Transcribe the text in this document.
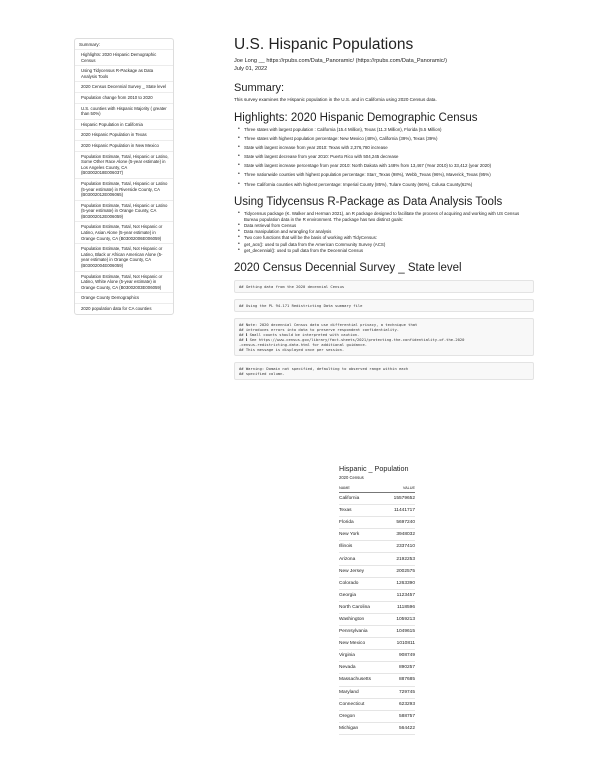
Summary:
Highlights: 2020 Hispanic Demographic Census
Using Tidycensus R-Package as Data Analysis Tools
2020 Census Decennial Survey _ State level
Population change from 2010 to 2020
U.S. counties with Hispanic Majority ( greater than 50%)
Hispanic Population in California
2020 Hispanic Population in Texas
2020 Hispanic Population in New Mexico
Population Estimate, Total, Hispanic or Latino, Some Other Race Alone (5-year estimate) in Los Angeles County, CA (B03002018E006037)
Population Estimate, Total, Hispanic or Latino (5-year estimate) in Riverside County, CA (B03002012E006065)
Population Estimate, Total, Hispanic or Latino (5-year estimate) in Orange County, CA (B03002012E006059)
Population Estimate, Total, Not Hispanic or Latino, Asian Alone (5-year estimate) in Orange County, CA (B03002006E006059)
Population Estimate, Total, Not Hispanic or Latino, Black or African American Alone (5-year estimate) in Orange County, CA (B03002004E006059)
Population Estimate, Total, Not Hispanic or Latino, White Alone (5-year estimate) in Orange County, CA (B03002003E006059)
Orange County Demographics
2020 population data for CA counties
U.S. Hispanic Populations
Joe Long __ https://rpubs.com/Data_Panoramic/ (https://rpubs.com/Data_Panoramic/)
July 01, 2022
Summary:

This survey examines the Hispanic population in the U.S. and in California using 2020 Census data.

Highlights: 2020 Hispanic Demographic Census
• Three states with largest population : California (15.4 Million), Texas (11.3 Million), Florida (5.5 Million)
• Three states with highest population percentage: New Mexico (48%), California (39%), Texas (39%)
• State with largest increase from year 2010: Texas with 2,376,780 increase
• State with largest decrease from year 2010: Puerto Rico with 504,245 decrease
• State with largest increase percentage from year 2010: North Dakota with 148% from 13,467 (Year 2010) to 33,412 (year 2020)
• Three nationwide counties with highest population percentage: Starr_Texas (98%), Webb_Texas (96%), Maverick_Texas (95%)
• Three California counties with highest percentage: Imperial County (85%), Tulare County (66%), Colusa County(62%)
Using Tidycensus R-Package as Data Analysis Tools
• Tidycensus package (K. Walker and Herman 2021), an R package designed to facilitate the process of acquiring and working with US Census Bureau population data in the R environment. The package has two distinct goals:
• Data retrieval from Census
• Data manipulation and wrangling for analysis
• Two core functions that will be the basis of working with TidyCensus:
• get_acs(): used to pull data from the American Community Survey (ACS)
• get_decennial(): used to pull data from the Decennial Census
2020 Census Decennial Survey _ State level
## Getting data from the 2020 decennial Census
## Using the PL 94-171 Redistricting Data summary file
## Note: 2020 decennial Census data use differential privacy, a technique that
## introduces errors into data to preserve respondent confidentiality.
## ℹ Small counts should be interpreted with caution.
## ℹ See https://www.census.gov/library/fact-sheets/2021/protecting-the-confidentiality-of-the-2020
-census-redistricting-data.html for additional guidance.
## This message is displayed once per session.
## Warning: Domain not specified, defaulting to observed range within each
## specified column.
Hispanic _ Population
2020 Census
NAME	VALUE
California	15579652
Texas	11441717
Florida	5697240
New York	3948032
Illinois	2337410
Arizona	2192253
New Jersey	2002575
Colorado	1263390
Georgia	1123457
North Carolina	1118596
Washington	1059213
Pennsylvania	1049615
New Mexico	1010811
Virginia	908749
Nevada	890257
Massachusetts	887685
Maryland	729745
Connecticut	623293
Oregon	588757
Michigan	564422
